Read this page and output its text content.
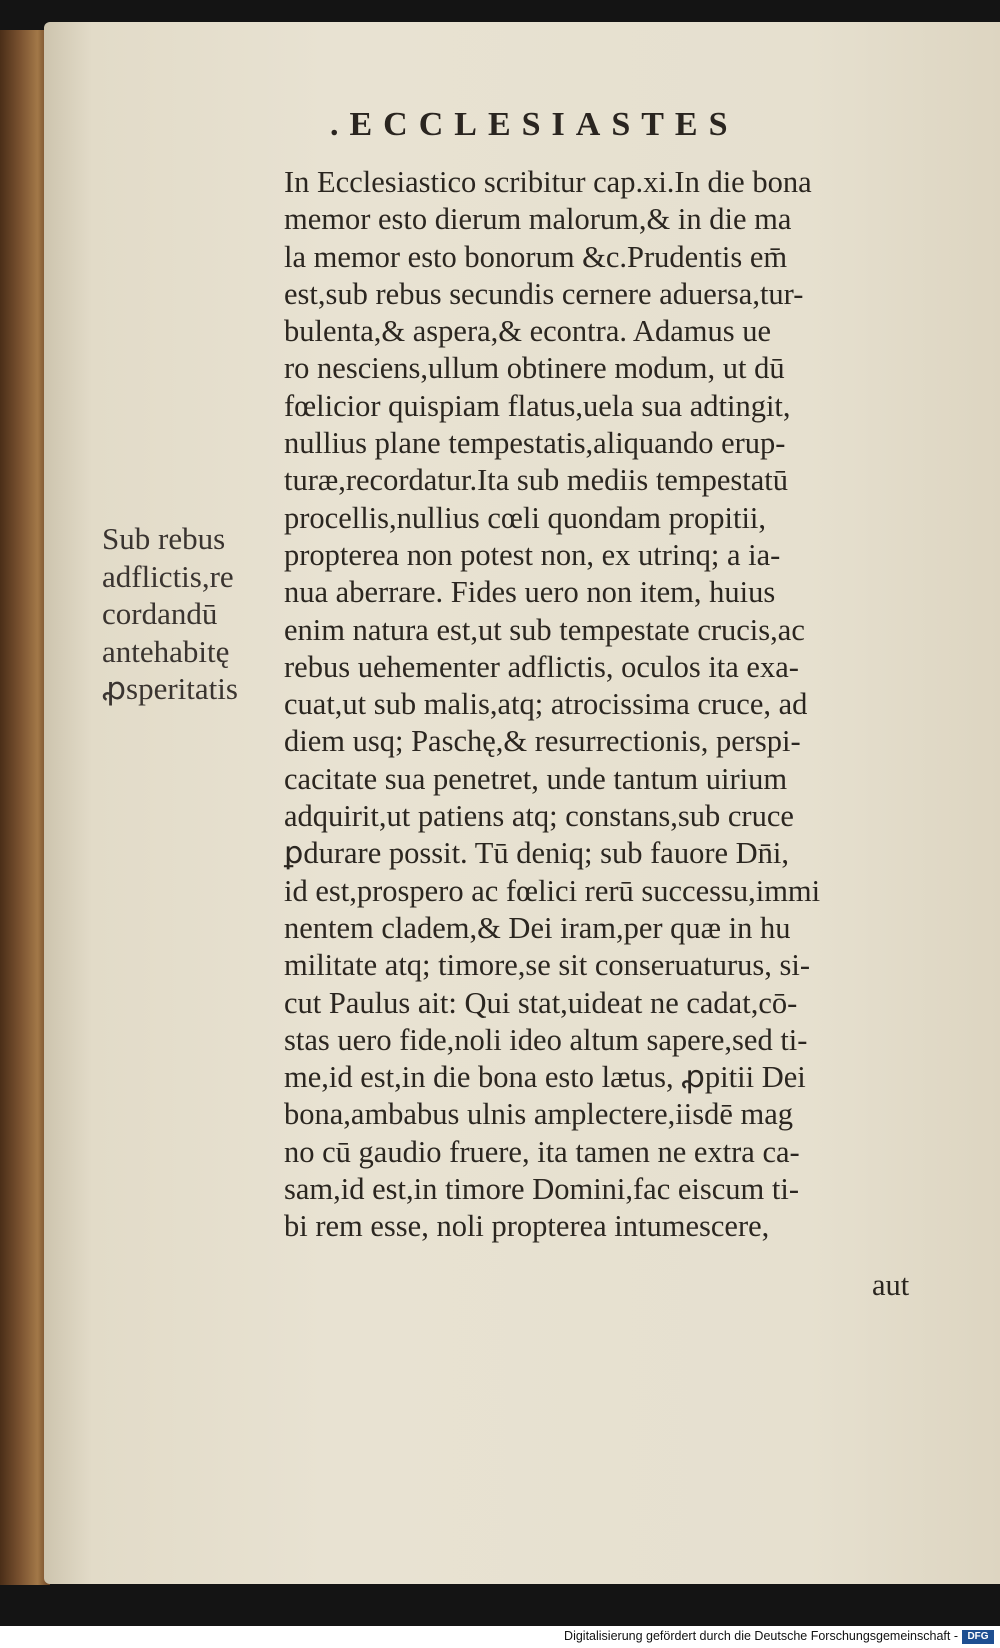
.ECCLESIASTES
Sub rebus
adflictis,re
cordandū
antehabitę
ꝓsperitatis
In Ecclesiastico scribitur cap.xi.In die bona
memor esto dierum malorum,& in die ma
la memor esto bonorum &c.Prudentis em̄
est,sub rebus secundis cernere aduersa,tur-
bulenta,& aspera,& econtra. Adamus ue
ro nesciens,ullum obtinere modum, ut dū
fœlicior quispiam flatus,uela sua adtingit,
nullius plane tempestatis,aliquando erup-
turæ,recordatur.Ita sub mediis tempestatū
procellis,nullius cœli quondam propitii,
propterea non potest non, ex utrinq; a ia-
nua aberrare. Fides uero non item, huius
enim natura est,ut sub tempestate crucis,ac
rebus uehementer adflictis, oculos ita exa-
cuat,ut sub malis,atq; atrocissima cruce, ad
diem usq; Paschę,& resurrectionis, perspi-
cacitate sua penetret, unde tantum uirium
adquirit,ut patiens atq; constans,sub cruce
ꝑdurare possit. Tū deniq; sub fauore Dn̄i,
id est,prospero ac fœlici rerū successu,immi
nentem cladem,& Dei iram,per quæ in hu
militate atq; timore,se sit conseruaturus, si-
cut Paulus ait: Qui stat,uideat ne cadat,cō-
stas uero fide,noli ideo altum sapere,sed ti-
me,id est,in die bona esto lætus, ꝓpitii Dei
bona,ambabus ulnis amplectere,iisdē mag
no cū gaudio fruere, ita tamen ne extra ca-
sam,id est,in timore Domini,fac eiscum ti-
bi rem esse, noli propterea intumescere,
aut
Digitalisierung gefördert durch die Deutsche Forschungsgemeinschaft - DFG
